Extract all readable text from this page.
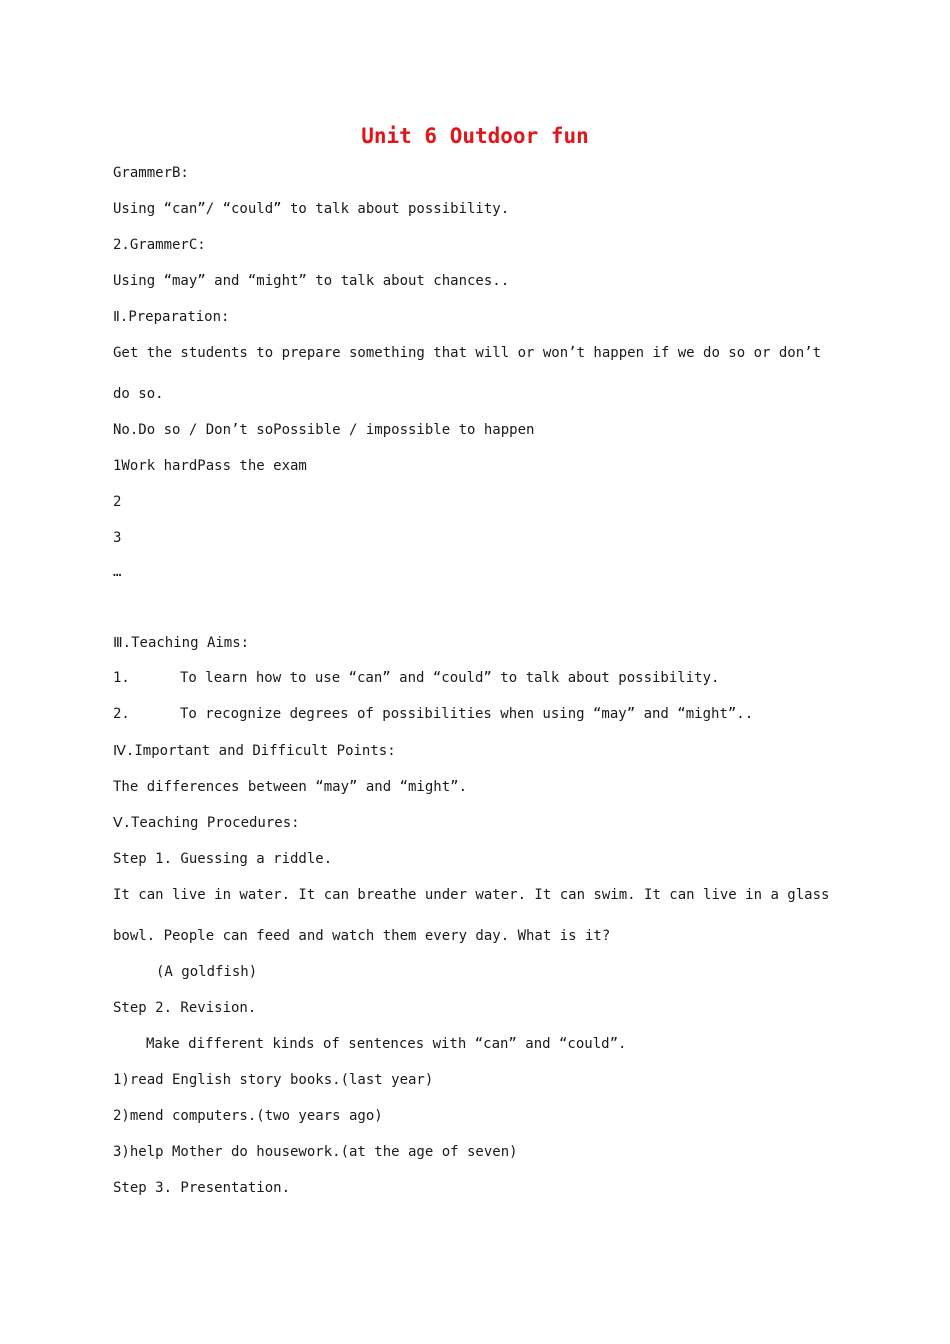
Unit 6 Outdoor fun
GrammerB:
Using “can”/ “could” to talk about possibility.
2.GrammerC:
Using “may” and “might” to talk about chances..
Ⅱ.Preparation:
Get the students to prepare something that will or won’t happen if we do so or don’t
do so.
No.Do so / Don’t soPossible / impossible to happen
1Work hardPass the exam
2
3
…
Ⅲ.Teaching Aims:
1.	To learn how to use “can” and “could” to talk about possibility.
2.	To recognize degrees of possibilities when using “may” and “might”..
Ⅳ.Important and Difficult Points:
The differences between “may” and “might”.
Ⅴ.Teaching Procedures:
Step 1. Guessing a riddle.
It can live in water. It can breathe under water. It can swim. It can live in a glass
bowl. People can feed and watch them every day. What is it?
(A goldfish)
Step 2. Revision.
Make different kinds of sentences with “can” and “could”.
1)read English story books.(last year)
2)mend computers.(two years ago)
3)help Mother do housework.(at the age of seven)
Step 3. Presentation.
